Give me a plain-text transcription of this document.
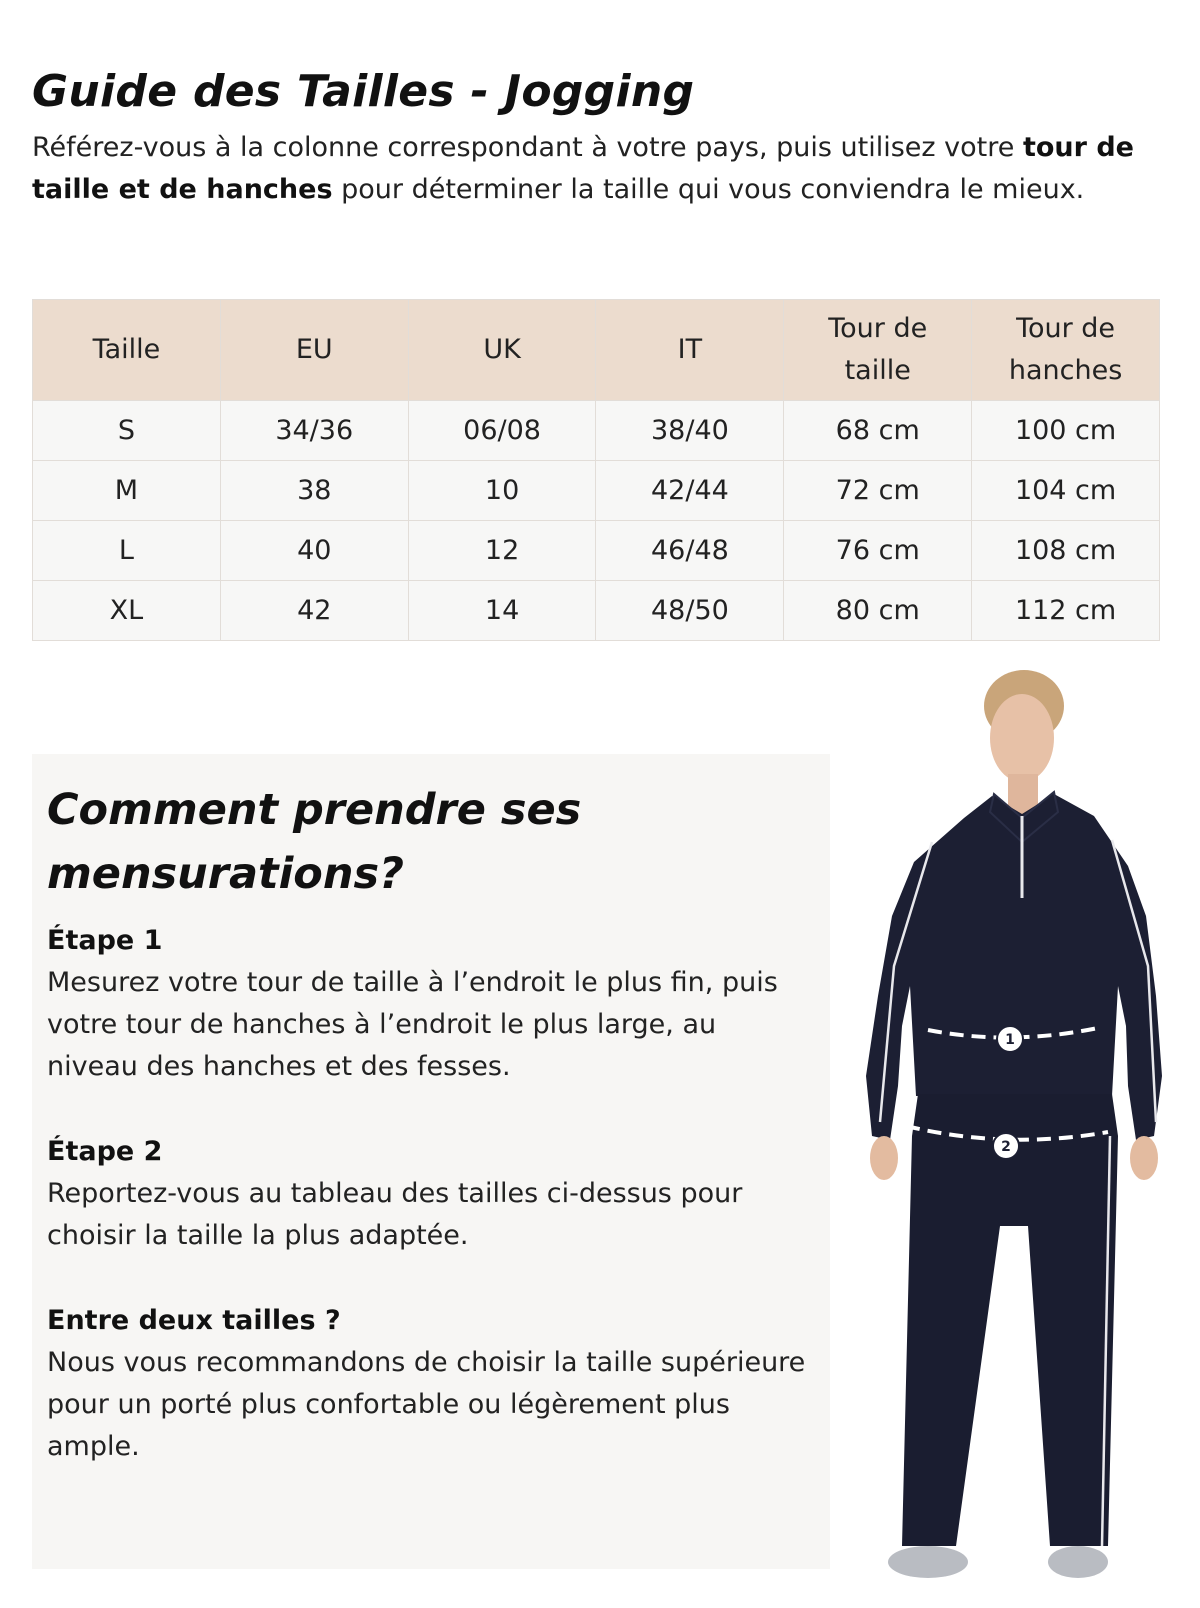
Guide des Tailles - Jogging

Référez-vous à la colonne correspondant à votre pays, puis utilisez votre tour de taille et de hanches pour déterminer la taille qui vous conviendra le mieux.

Taille	EU	UK	IT	Tour de taille	Tour de hanches
S	34/36	06/08	38/40	68 cm	100 cm
M	38	10	42/44	72 cm	104 cm
L	40	12	46/48	76 cm	108 cm
XL	42	14	48/50	80 cm	112 cm
Comment prendre ses mensurations?
Étape 1
Mesurez votre tour de taille à l’endroit le plus fin, puis votre tour de hanches à l’endroit le plus large, au niveau des hanches et des fesses.
Étape 2
Reportez-vous au tableau des tailles ci-dessus pour choisir la taille la plus adaptée.
Entre deux tailles ?
Nous vous recommandons de choisir la taille supérieure pour un porté plus confortable ou légèrement plus ample.
1
2
